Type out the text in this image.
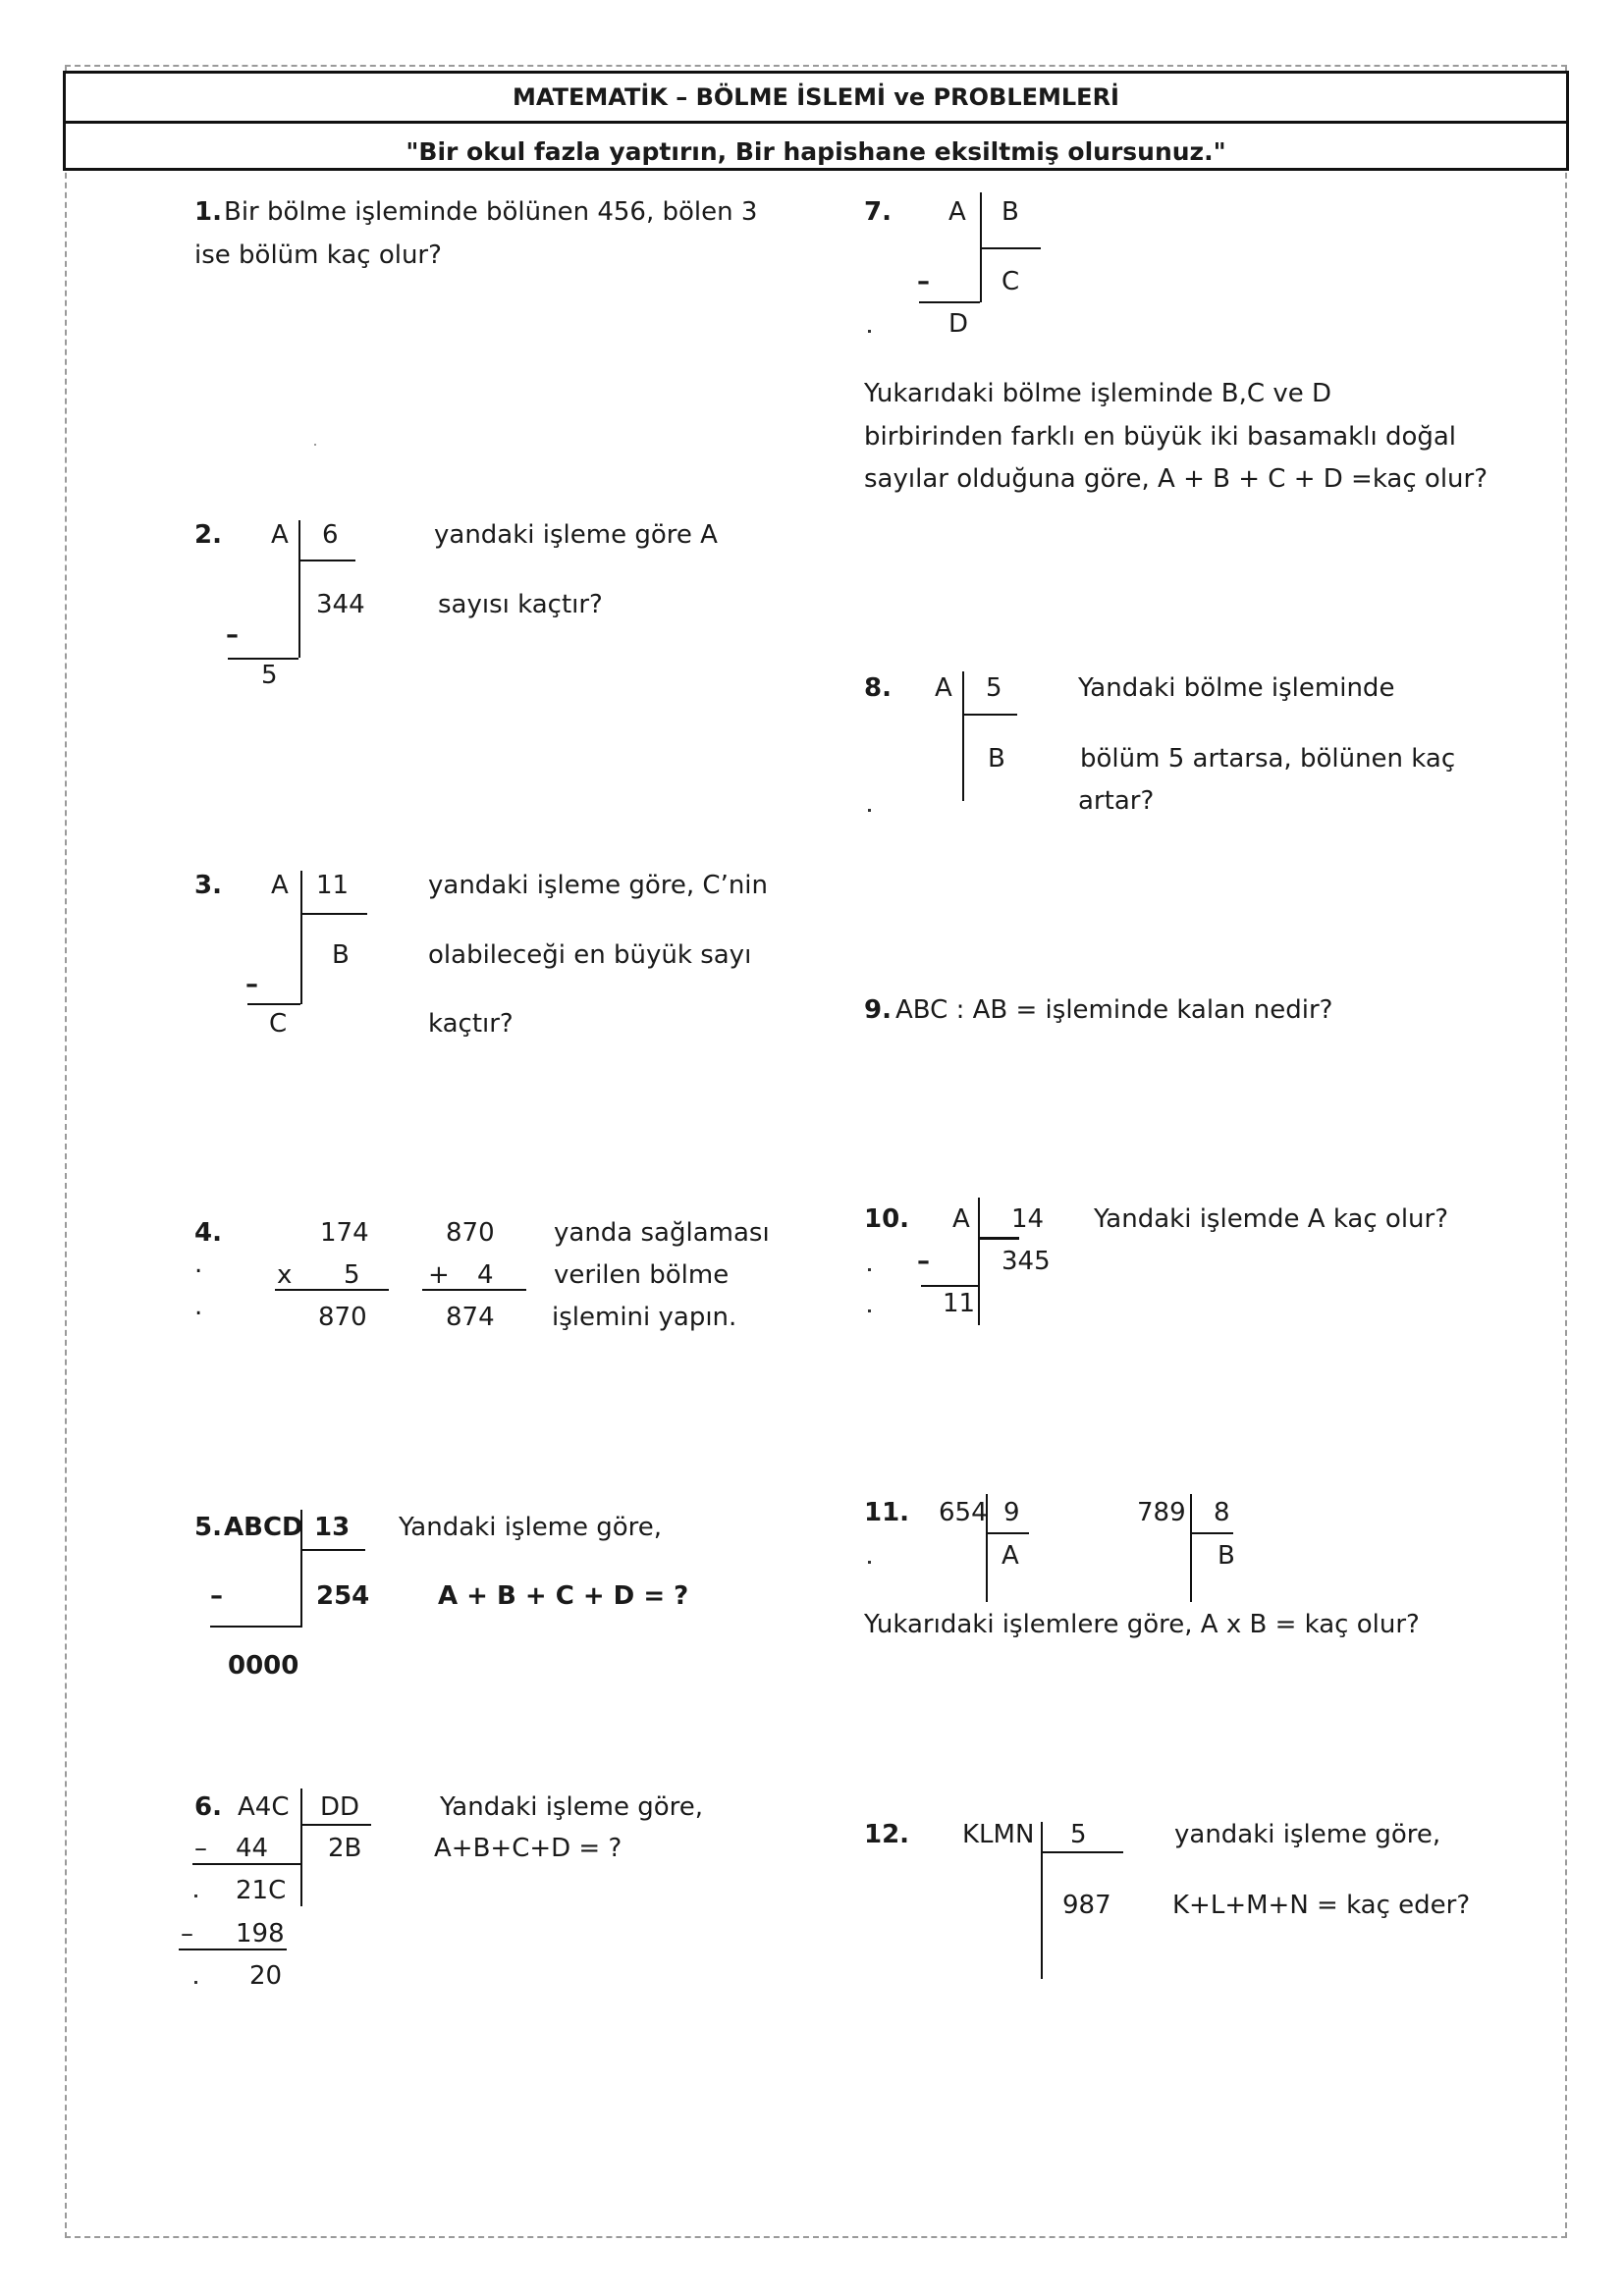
MATEMATİK – BÖLME İSLEMİ ve PROBLEMLERİ
"Bir okul fazla yaptırın, Bir hapishane eksiltmiş olursunuz."
1. Bir bölme işleminde bölünen 456, bölen 3
ise bölüm kaç olur?
2. A 6
344
–
5
yandaki işleme göre A
sayısı kaçtır?
3. A 11
B
–
C
yandaki işleme göre, C’nin
olabileceği en büyük sayı
kaçtır?
4.	174
.	x 5
.	870
870
+ 4
874
yanda sağlaması
verilen bölme
işlemini yapın.
5. ABCD 13
254
–
0000
Yandaki işleme göre,
A + B + C + D = ?
6. A4C DD
2B
– 44
21C
– 198
20
Yandaki işleme göre,
A+B+C+D = ?
7. A B
C
–
D
Yukarıdaki bölme işleminde B,C ve D
birbirinden farklı en büyük iki basamaklı doğal
sayılar olduğuna göre, A + B + C + D =kaç olur?
8. A 5
B
Yandaki bölme işleminde
bölüm 5 artarsa, bölünen kaç
artar?
9. ABC : AB = işleminde kalan nedir?
10. A 14
345
–
11
Yandaki işlemde A kaç olur?
11. 654 9
A
789 8
B
Yukarıdaki işlemlere göre, A x B = kaç olur?
12. KLMN 5
987
yandaki işleme göre,
K+L+M+N = kaç eder?
